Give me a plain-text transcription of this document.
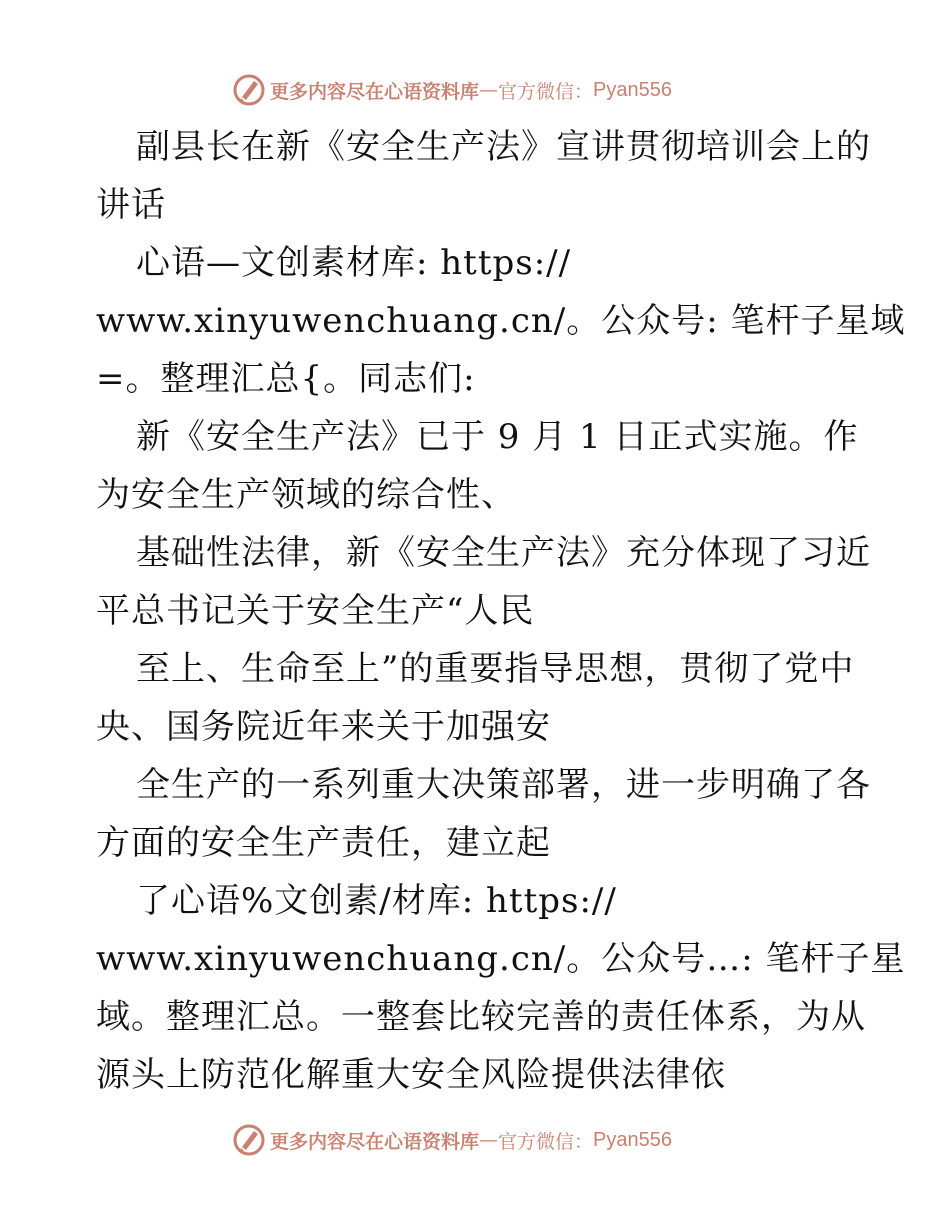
更多内容尽在心语资料库 — 官方微信： Pyan556
副县长在新《安全生产法》宣讲贯彻培训会上的
讲话
心语—文创素材库: https://
www.xinyuwenchuang.cn/。公众号: 笔杆子星域
=。整理汇总{。同志们:
新《安全生产法》已于 9 月 1 日正式实施。作
为安全生产领域的综合性、
基础性法律，新《安全生产法》充分体现了习近
平总书记关于安全生产“人民
至上、生命至上”的重要指导思想，贯彻了党中
央、国务院近年来关于加强安
全生产的一系列重大决策部署，进一步明确了各
方面的安全生产责任，建立起
了心语%文创素/材库: https://
www.xinyuwenchuang.cn/。公众号…: 笔杆子星
域。整理汇总。一整套比较完善的责任体系，为从
源头上防范化解重大安全风险提供法律依
更多内容尽在心语资料库 — 官方微信： Pyan556
